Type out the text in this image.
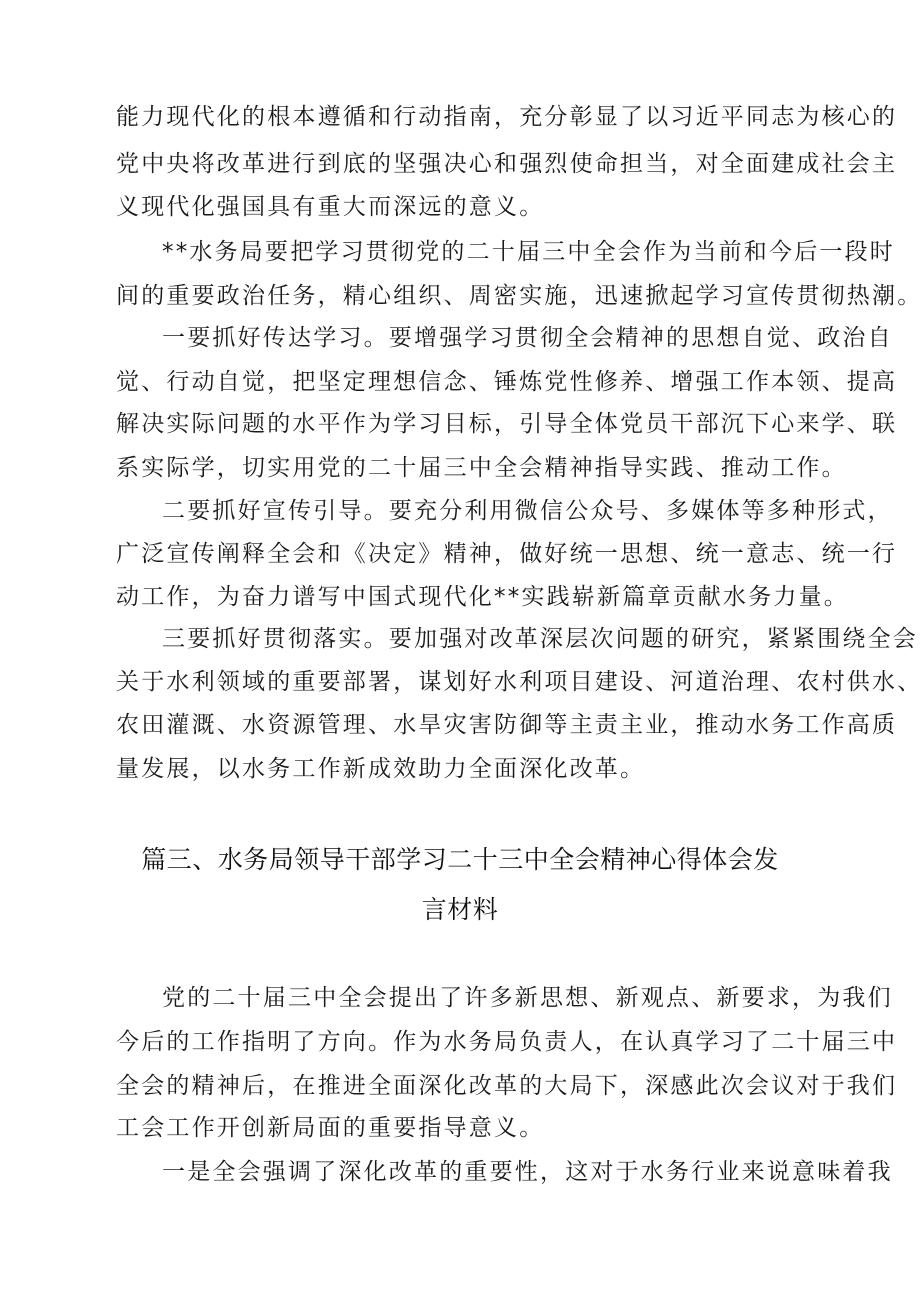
能力现代化的根本遵循和行动指南，充分彰显了以习近平同志为核心的
党中央将改革进行到底的坚强决心和强烈使命担当，对全面建成社会主
义现代化强国具有重大而深远的意义。
**水务局要把学习贯彻党的二十届三中全会作为当前和今后一段时
间的重要政治任务，精心组织、周密实施，迅速掀起学习宣传贯彻热潮。
一要抓好传达学习。要增强学习贯彻全会精神的思想自觉、政治自
觉、行动自觉，把坚定理想信念、锤炼党性修养、增强工作本领、提高
解决实际问题的水平作为学习目标，引导全体党员干部沉下心来学、联
系实际学，切实用党的二十届三中全会精神指导实践、推动工作。
二要抓好宣传引导。要充分利用微信公众号、多媒体等多种形式，
广泛宣传阐释全会和《决定》精神，做好统一思想、统一意志、统一行
动工作，为奋力谱写中国式现代化**实践崭新篇章贡献水务力量。
三要抓好贯彻落实。要加强对改革深层次问题的研究，紧紧围绕全会
关于水利领域的重要部署，谋划好水利项目建设、河道治理、农村供水、
农田灌溉、水资源管理、水旱灾害防御等主责主业，推动水务工作高质
量发展，以水务工作新成效助力全面深化改革。
篇三、水务局领导干部学习二十三中全会精神心得体会发
言材料
党的二十届三中全会提出了许多新思想、新观点、新要求，为我们
今后的工作指明了方向。作为水务局负责人，在认真学习了二十届三中
全会的精神后，在推进全面深化改革的大局下，深感此次会议对于我们
工会工作开创新局面的重要指导意义。
一是全会强调了深化改革的重要性，这对于水务行业来说意味着我
